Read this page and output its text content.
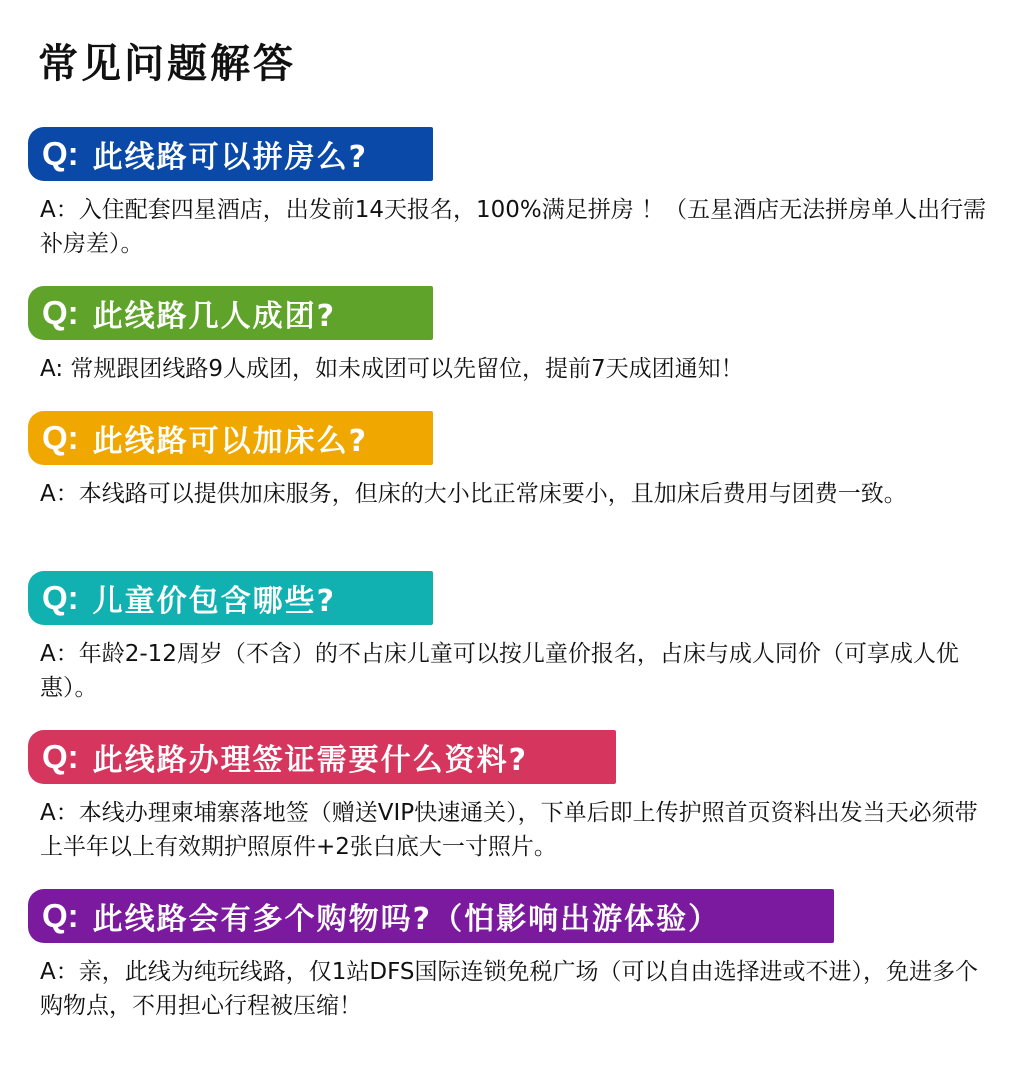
常见问题解答
Q: 此线路可以拼房么?
A：入住配套四星酒店，出发前14天报名，100%满足拼房 ！（五星酒店无法拼房单人出行需补房差）。
Q: 此线路几人成团?
A: 常规跟团线路9人成团，如未成团可以先留位，提前7天成团通知！
Q: 此线路可以加床么?
A：本线路可以提供加床服务，但床的大小比正常床要小，且加床后费用与团费一致。
Q: 儿童价包含哪些?
A：年龄2-12周岁（不含）的不占床儿童可以按儿童价报名，占床与成人同价（可享成人优惠）。
Q: 此线路办理签证需要什么资料?
A：本线办理柬埔寨落地签（赠送VIP快速通关），下单后即上传护照首页资料出发当天必须带上半年以上有效期护照原件+2张白底大一寸照片。
Q: 此线路会有多个购物吗?（怕影响出游体验）
A：亲，此线为纯玩线路，仅1站DFS国际连锁免税广场（可以自由选择进或不进），免进多个购物点，不用担心行程被压缩！
